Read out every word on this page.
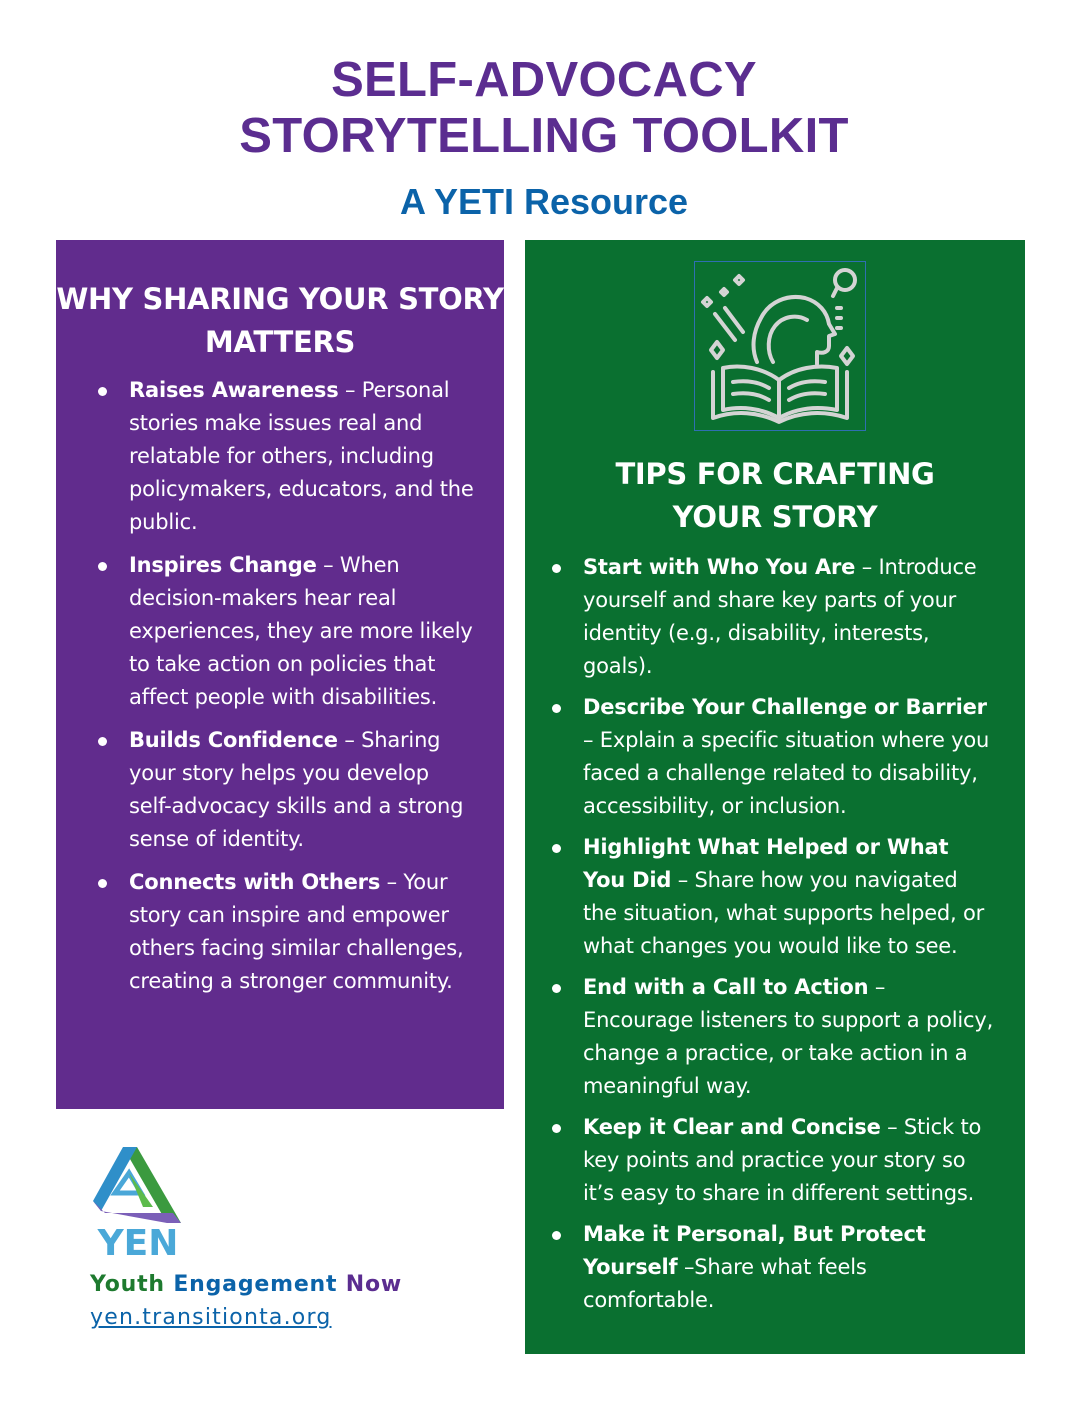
SELF-ADVOCACY
STORYTELLING TOOLKIT
A YETI Resource
WHY SHARING YOUR STORY
MATTERS
Raises Awareness – Personal stories make issues real and relatable for others, including policymakers, educators, and the public.
Inspires Change – When decision-makers hear real experiences, they are more likely to take action on policies that affect people with disabilities.
Builds Confidence – Sharing your story helps you develop self-advocacy skills and a strong sense of identity.
Connects with Others – Your story can inspire and empower others facing similar challenges, creating a stronger community.
TIPS FOR CRAFTING
YOUR STORY
Start with Who You Are – Introduce yourself and share key parts of your identity (e.g., disability, interests, goals).
Describe Your Challenge or Barrier – Explain a specific situation where you faced a challenge related to disability, accessibility, or inclusion.
Highlight What Helped or What You Did – Share how you navigated the situation, what supports helped, or what changes you would like to see.
End with a Call to Action – Encourage listeners to support a policy, change a practice, or take action in a meaningful way.
Keep it Clear and Concise – Stick to key points and practice your story so it’s easy to share in different settings.
Make it Personal, But Protect Yourself –Share what feels comfortable.
YEN
Youth Engagement Now
yen.transitionta.org
